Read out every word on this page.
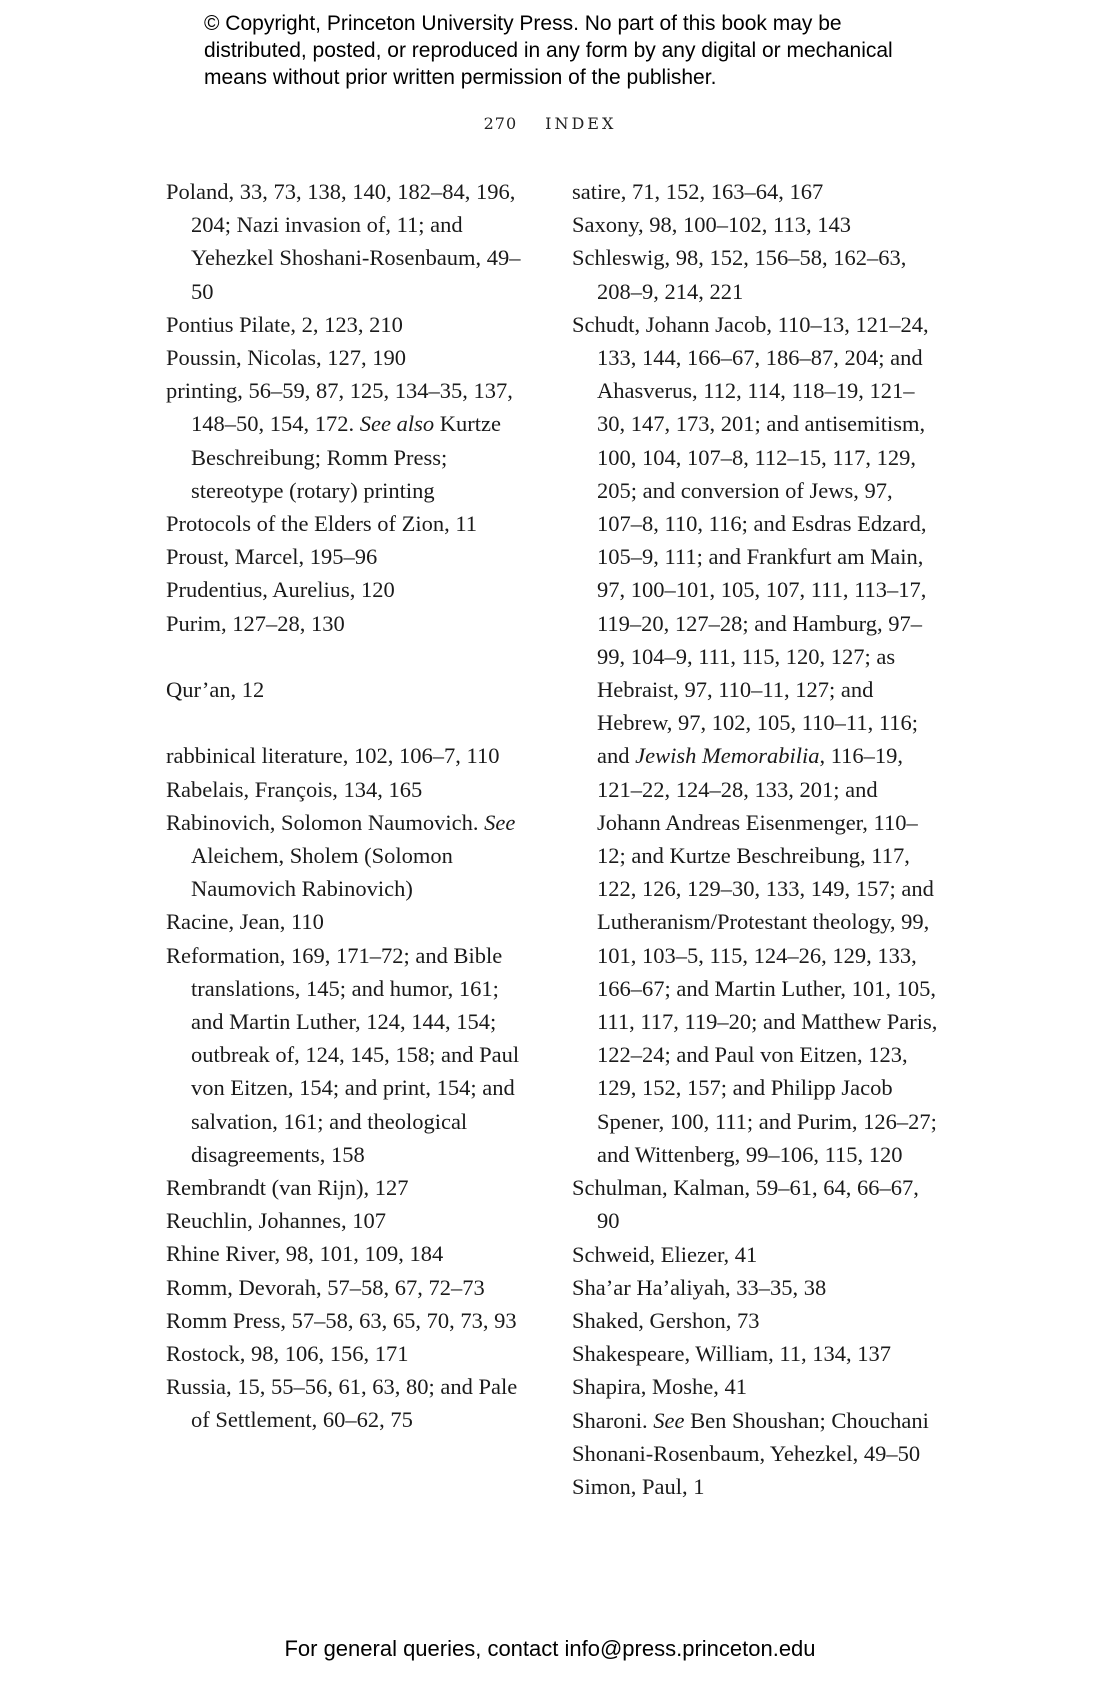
© Copyright, Princeton University Press. No part of this book may be distributed, posted, or reproduced in any form by any digital or mechanical means without prior written permission of the publisher.
270 INDEX

Poland, 33, 73, 138, 140, 182–84, 196, 204; Nazi invasion of, 11; and Yehezkel Shoshani-Rosenbaum, 49–50

Pontius Pilate, 2, 123, 210

Poussin, Nicolas, 127, 190

printing, 56–59, 87, 125, 134–35, 137, 148–50, 154, 172. See also Kurtze Beschreibung; Romm Press; stereotype (rotary) printing

Protocols of the Elders of Zion, 11

Proust, Marcel, 195–96

Prudentius, Aurelius, 120

Purim, 127–28, 130

Qur’an, 12

rabbinical literature, 102, 106–7, 110

Rabelais, François, 134, 165

Rabinovich, Solomon Naumovich. See Aleichem, Sholem (Solomon Naumovich Rabinovich)

Racine, Jean, 110

Reformation, 169, 171–72; and Bible translations, 145; and humor, 161; and Martin Luther, 124, 144, 154; outbreak of, 124, 145, 158; and Paul von Eitzen, 154; and print, 154; and salvation, 161; and theological disagreements, 158

Rembrandt (van Rijn), 127

Reuchlin, Johannes, 107

Rhine River, 98, 101, 109, 184

Romm, Devorah, 57–58, 67, 72–73

Romm Press, 57–58, 63, 65, 70, 73, 93

Rostock, 98, 106, 156, 171

Russia, 15, 55–56, 61, 63, 80; and Pale of Settlement, 60–62, 75

satire, 71, 152, 163–64, 167

Saxony, 98, 100–102, 113, 143

Schleswig, 98, 152, 156–58, 162–63, 208–9, 214, 221

Schudt, Johann Jacob, 110–13, 121–24, 133, 144, 166–67, 186–87, 204; and Ahasverus, 112, 114, 118–19, 121–30, 147, 173, 201; and antisemitism, 100, 104, 107–8, 112–15, 117, 129, 205; and conversion of Jews, 97, 107–8, 110, 116; and Esdras Edzard, 105–9, 111; and Frankfurt am Main, 97, 100–101, 105, 107, 111, 113–17, 119–20, 127–28; and Hamburg, 97–99, 104–9, 111, 115, 120, 127; as Hebraist, 97, 110–11, 127; and Hebrew, 97, 102, 105, 110–11, 116; and Jewish Memorabilia, 116–19, 121–22, 124–28, 133, 201; and Johann Andreas Eisenmenger, 110–12; and Kurtze Beschreibung, 117, 122, 126, 129–30, 133, 149, 157; and Lutheranism/Protestant theology, 99, 101, 103–5, 115, 124–26, 129, 133, 166–67; and Martin Luther, 101, 105, 111, 117, 119–20; and Matthew Paris, 122–24; and Paul von Eitzen, 123, 129, 152, 157; and Philipp Jacob Spener, 100, 111; and Purim, 126–27; and Wittenberg, 99–106, 115, 120

Schulman, Kalman, 59–61, 64, 66–67, 90

Schweid, Eliezer, 41

Sha’ar Ha’aliyah, 33–35, 38

Shaked, Gershon, 73

Shakespeare, William, 11, 134, 137

Shapira, Moshe, 41

Sharoni. See Ben Shoushan; Chouchani

Shonani-Rosenbaum, Yehezkel, 49–50

Simon, Paul, 1

For general queries, contact info@press.princeton.edu
